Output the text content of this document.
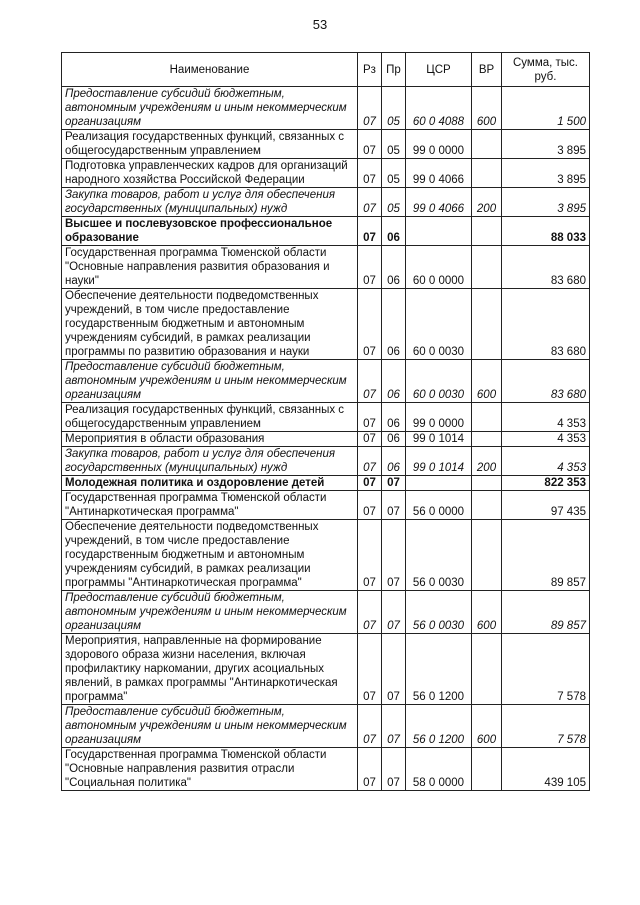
53
Наименование	Рз	Пр	ЦСР	ВР	Сумма, тыс. руб.
Предоставление субсидий бюджетным, автономным учреждениям и иным некоммерческим организациям	07	05	60 0 4088	600	1 500
Реализация государственных функций, связанных с общегосударственным управлением	07	05	99 0 0000		3 895
Подготовка управленческих кадров для организаций народного хозяйства Российской Федерации	07	05	99 0 4066		3 895
Закупка товаров, работ и услуг для обеспечения государственных (муниципальных) нужд	07	05	99 0 4066	200	3 895
Высшее и послевузовское профессиональное образование	07	06			88 033
Государственная программа Тюменской области "Основные направления развития образования и науки"	07	06	60 0 0000		83 680
Обеспечение деятельности подведомственных учреждений, в том числе предоставление государственным бюджетным и автономным учреждениям субсидий, в рамках реализации программы по развитию образования и науки	07	06	60 0 0030		83 680
Предоставление субсидий бюджетным, автономным учреждениям и иным некоммерческим организациям	07	06	60 0 0030	600	83 680
Реализация государственных функций, связанных с общегосударственным управлением	07	06	99 0 0000		4 353
Мероприятия в области образования	07	06	99 0 1014		4 353
Закупка товаров, работ и услуг для обеспечения государственных (муниципальных) нужд	07	06	99 0 1014	200	4 353
Молодежная политика и оздоровление детей	07	07			822 353
Государственная программа Тюменской области "Антинаркотическая программа"	07	07	56 0 0000		97 435
Обеспечение деятельности подведомственных учреждений, в том числе предоставление государственным бюджетным и автономным учреждениям субсидий, в рамках реализации программы "Антинаркотическая программа"	07	07	56 0 0030		89 857
Предоставление субсидий бюджетным, автономным учреждениям и иным некоммерческим организациям	07	07	56 0 0030	600	89 857
Мероприятия, направленные на формирование здорового образа жизни населения, включая профилактику наркомании, других асоциальных явлений, в рамках программы "Антинаркотическая программа"	07	07	56 0 1200		7 578
Предоставление субсидий бюджетным, автономным учреждениям и иным некоммерческим организациям	07	07	56 0 1200	600	7 578
Государственная программа Тюменской области "Основные направления развития отрасли "Социальная политика"	07	07	58 0 0000		439 105
